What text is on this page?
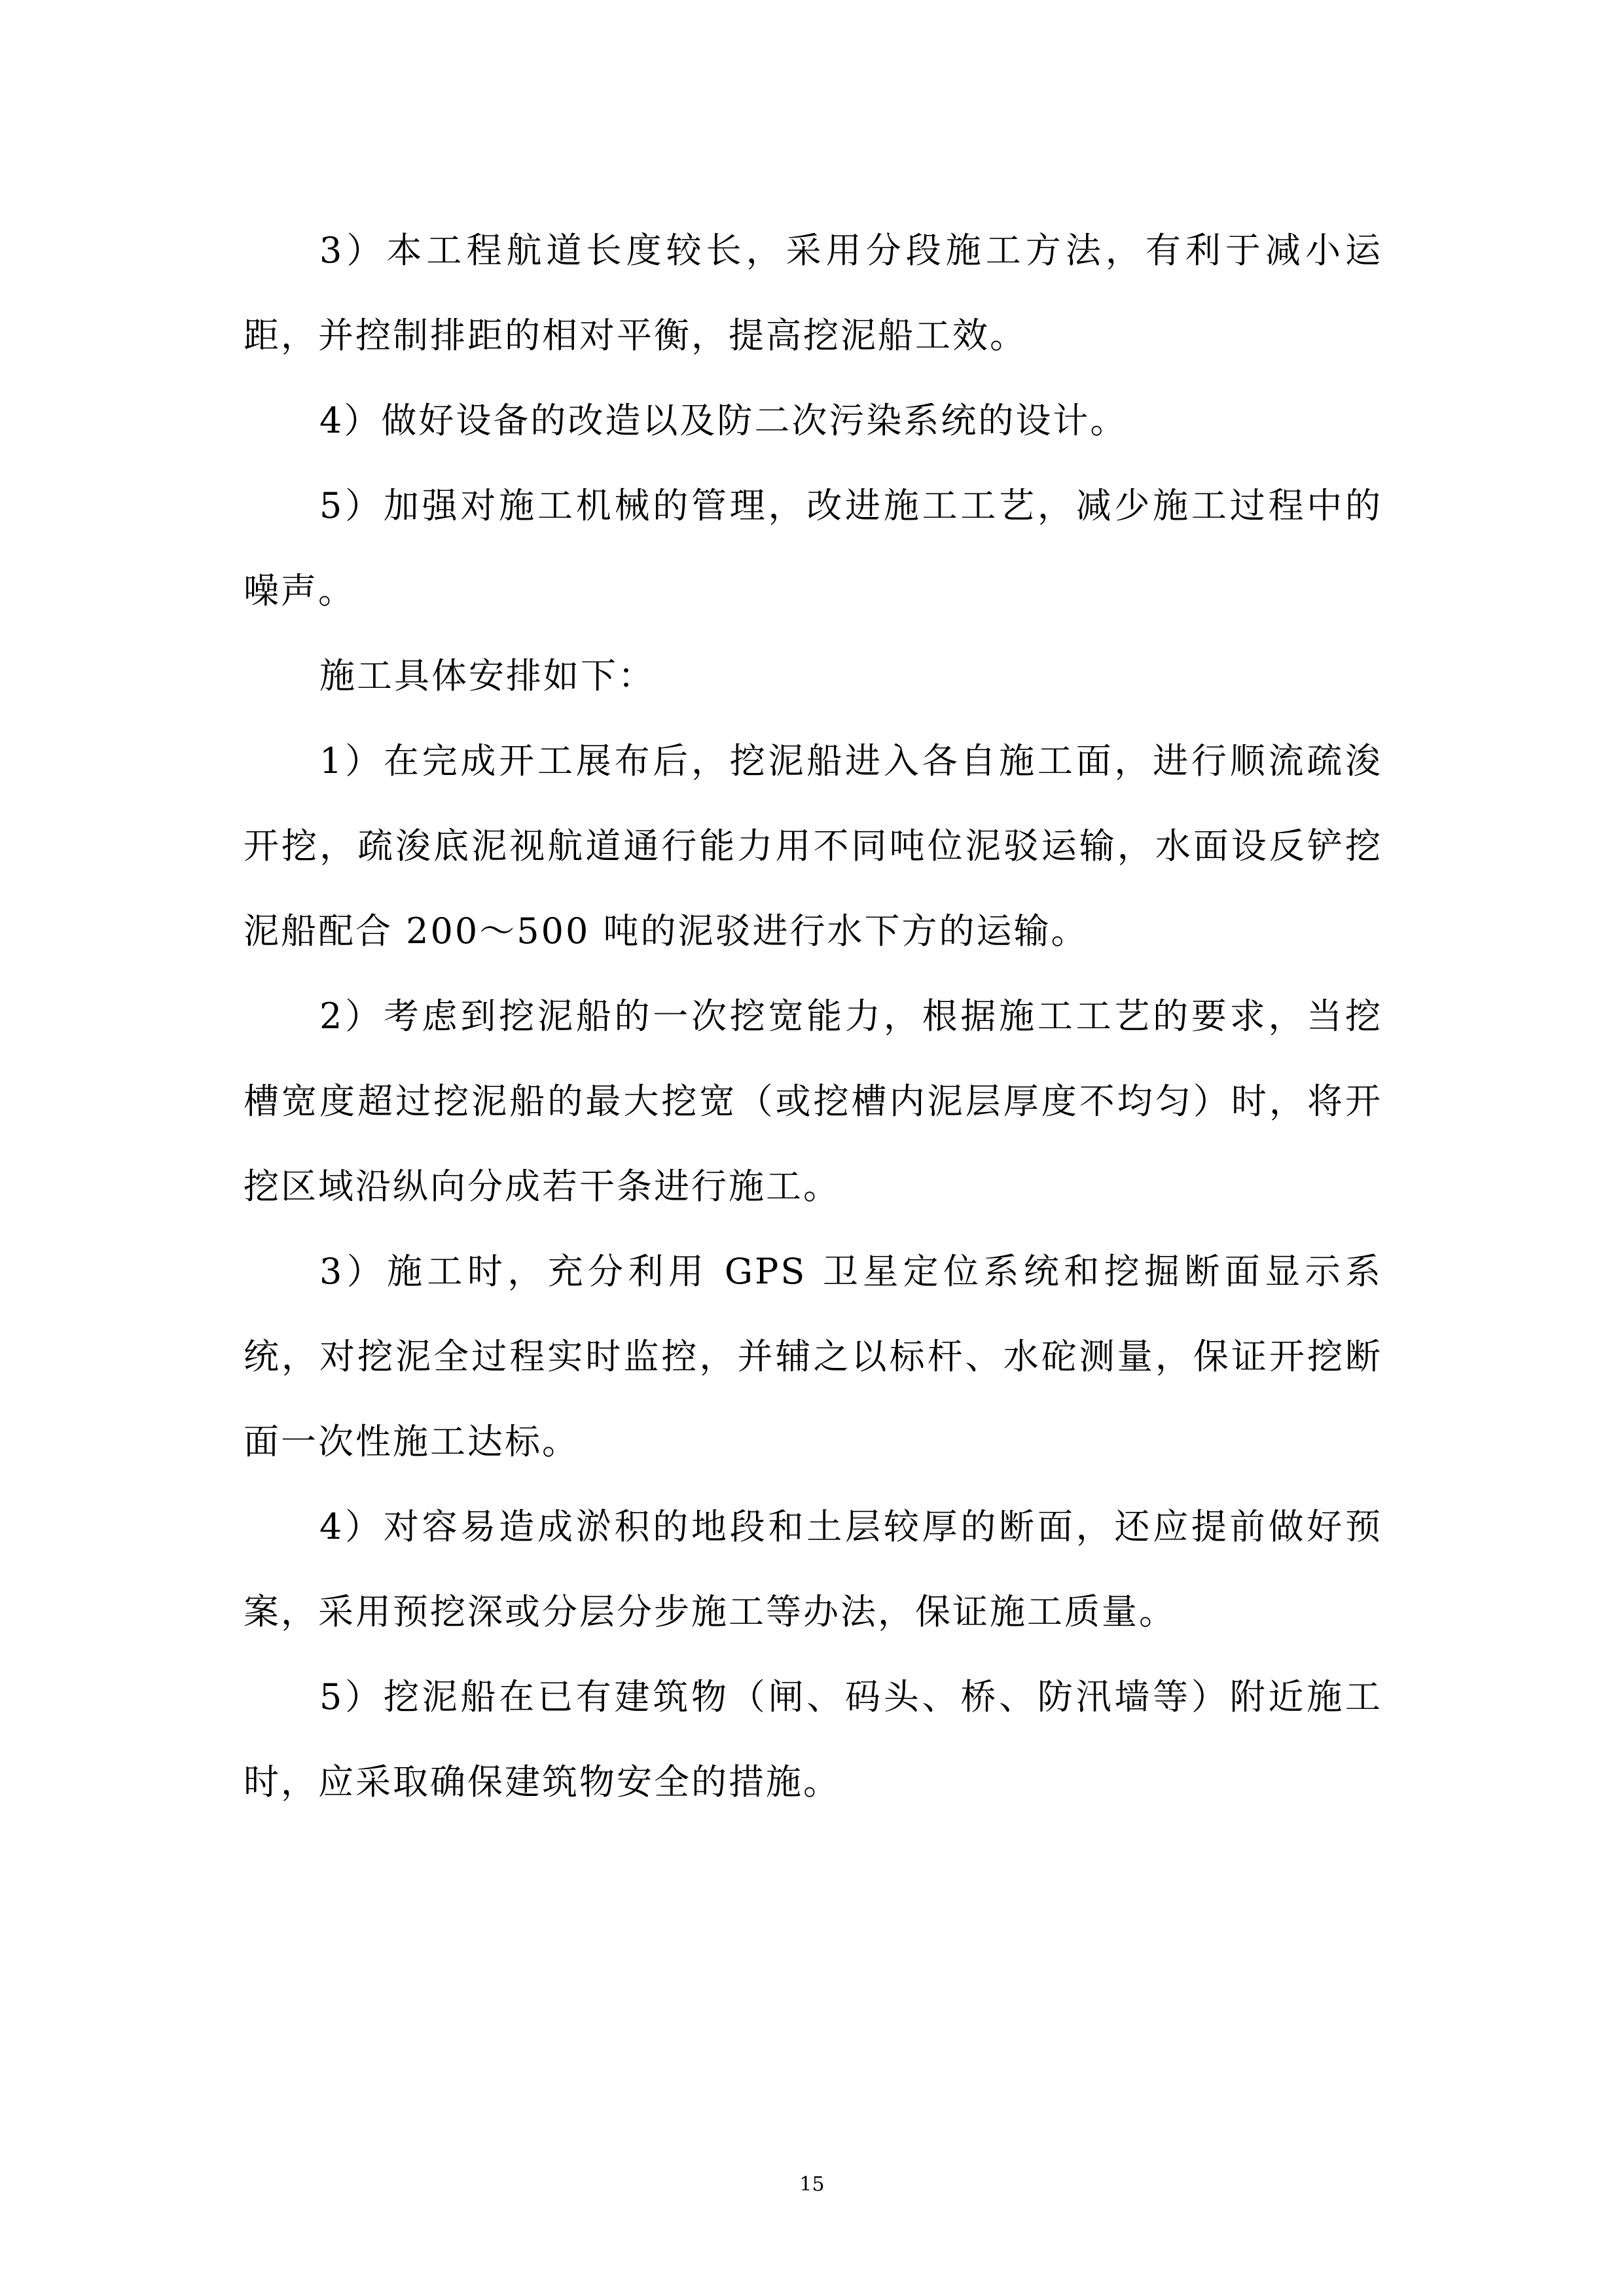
3）本工程航道长度较长，采用分段施工方法，有利于减小运距，并控制排距的相对平衡，提高挖泥船工效。

4）做好设备的改造以及防二次污染系统的设计。

5）加强对施工机械的管理，改进施工工艺，减少施工过程中的噪声。

施工具体安排如下：

1）在完成开工展布后，挖泥船进入各自施工面，进行顺流疏浚开挖，疏浚底泥视航道通行能力用不同吨位泥驳运输，水面设反铲挖泥船配合 200～500 吨的泥驳进行水下方的运输。

2）考虑到挖泥船的一次挖宽能力，根据施工工艺的要求，当挖槽宽度超过挖泥船的最大挖宽（或挖槽内泥层厚度不均匀）时，将开挖区域沿纵向分成若干条进行施工。

3）施工时，充分利用 GPS 卫星定位系统和挖掘断面显示系统，对挖泥全过程实时监控，并辅之以标杆、水砣测量，保证开挖断面一次性施工达标。

4）对容易造成淤积的地段和土层较厚的断面，还应提前做好预案，采用预挖深或分层分步施工等办法，保证施工质量。

5）挖泥船在已有建筑物（闸、码头、桥、防汛墙等）附近施工时，应采取确保建筑物安全的措施。

15
